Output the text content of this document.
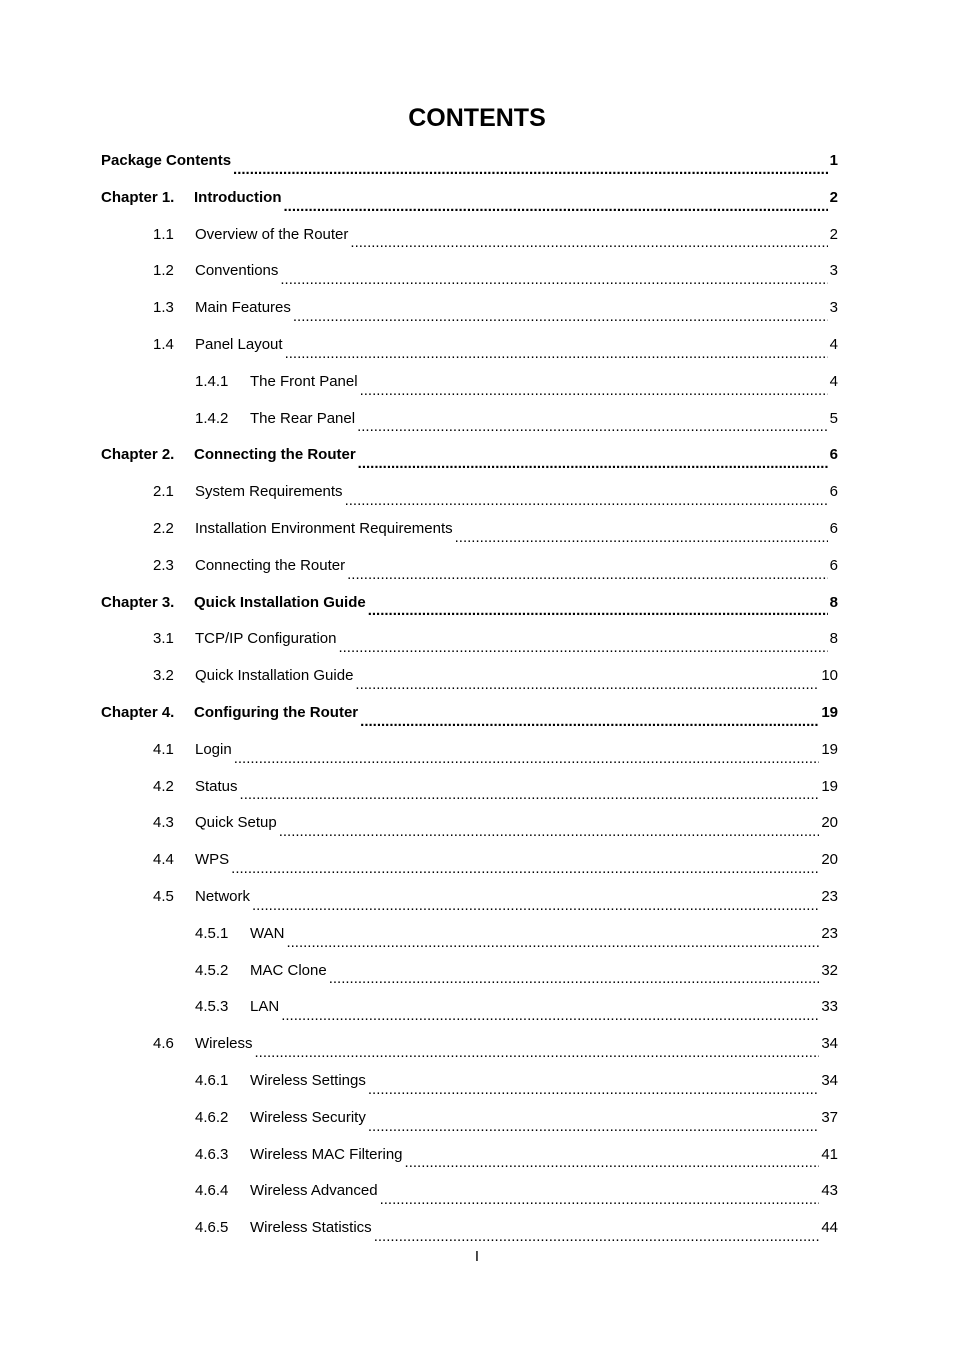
CONTENTS
Package Contents .....	1
Chapter 1.	Introduction .....	2
1.1	Overview of the Router .....	2
1.2	Conventions .....	3
1.3	Main Features .....	3
1.4	Panel Layout .....	4
1.4.1	The Front Panel .....	4
1.4.2	The Rear Panel .....	5
Chapter 2.	Connecting the Router .....	6
2.1	System Requirements .....	6
2.2	Installation Environment Requirements .....	6
2.3	Connecting the Router .....	6
Chapter 3.	Quick Installation Guide .....	8
3.1	TCP/IP Configuration .....	8
3.2	Quick Installation Guide .....	10
Chapter 4.	Configuring the Router .....	19
4.1	Login .....	19
4.2	Status .....	19
4.3	Quick Setup .....	20
4.4	WPS .....	20
4.5	Network .....	23
4.5.1	WAN .....	23
4.5.2	MAC Clone .....	32
4.5.3	LAN .....	33
4.6	Wireless .....	34
4.6.1	Wireless Settings .....	34
4.6.2	Wireless Security .....	37
4.6.3	Wireless MAC Filtering .....	41
4.6.4	Wireless Advanced .....	43
4.6.5	Wireless Statistics .....	44
I
